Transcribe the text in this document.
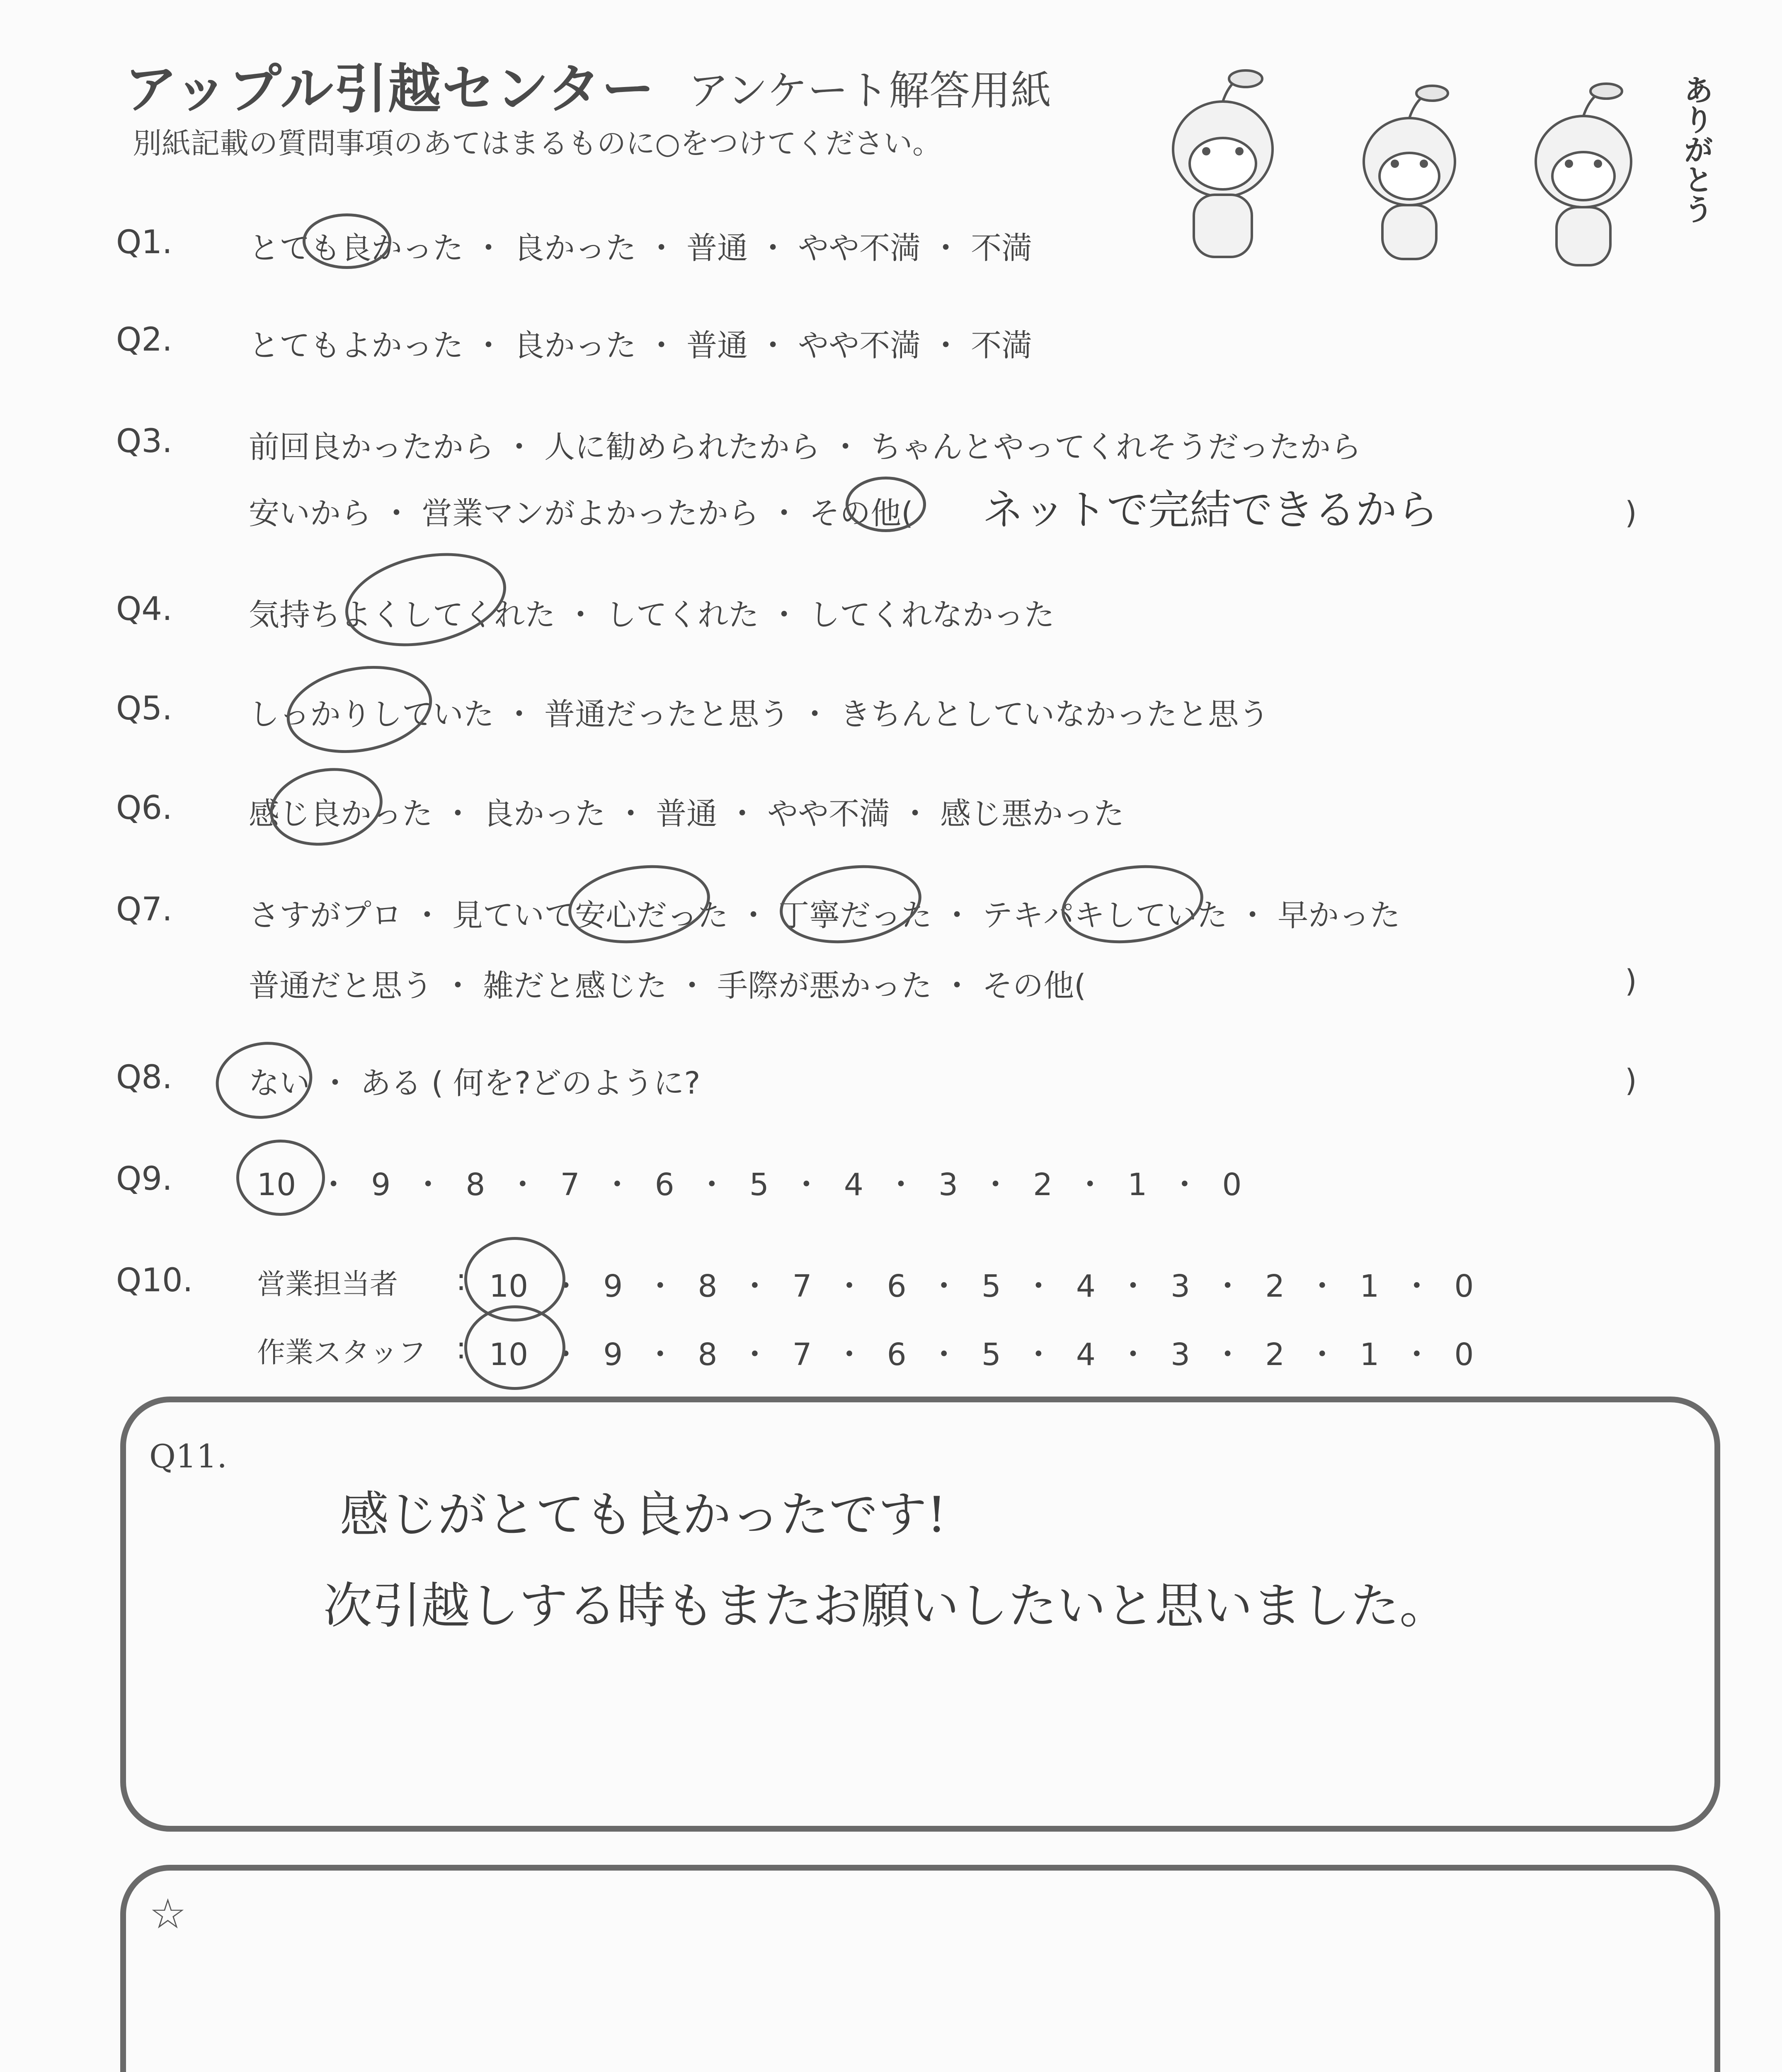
アップル引越センター アンケート解答用紙
別紙記載の質問事項のあてはまるものに○をつけてください。	ありがとう
Q1. とても良かった ・ 良かった ・ 普通 ・ やや不満 ・ 不満
Q2. とてもよかった ・ 良かった ・ 普通 ・ やや不満 ・ 不満
Q3. 前回良かったから ・ 人に勧められたから ・ ちゃんとやってくれそうだったから
安いから ・ 営業マンがよかったから ・ その他( ネットで完結できるから	)
Q4. 気持ちよくしてくれた ・ してくれた ・ してくれなかった
Q5. しっかりしていた ・ 普通だったと思う ・ きちんとしていなかったと思う
Q6. 感じ良かった ・ 良かった ・ 普通 ・ やや不満 ・ 感じ悪かった
Q7. さすがプロ ・ 見ていて安心だった ・ 丁寧だった ・ テキパキしていた ・ 早かった
普通だと思う ・ 雑だと感じた ・ 手際が悪かった ・ その他(	)
Q8. ない ・ ある ( 何を?どのように?	)
Q9.	10 ・ 9 ・ 8 ・ 7 ・ 6 ・ 5 ・ 4 ・ 3 ・ 2 ・ 1 ・ 0
Q10. 営業担当者 : 10 ・ 9 ・ 8 ・ 7 ・ 6 ・ 5 ・ 4 ・ 3 ・ 2 ・ 1 ・ 0
作業スタッフ : 10 ・ 9 ・ 8 ・ 7 ・ 6 ・ 5 ・ 4 ・ 3 ・ 2 ・ 1 ・ 0
Q11.
感じがとても良かったです!
次引越しする時もまたお願いしたいと思いました。
☆
